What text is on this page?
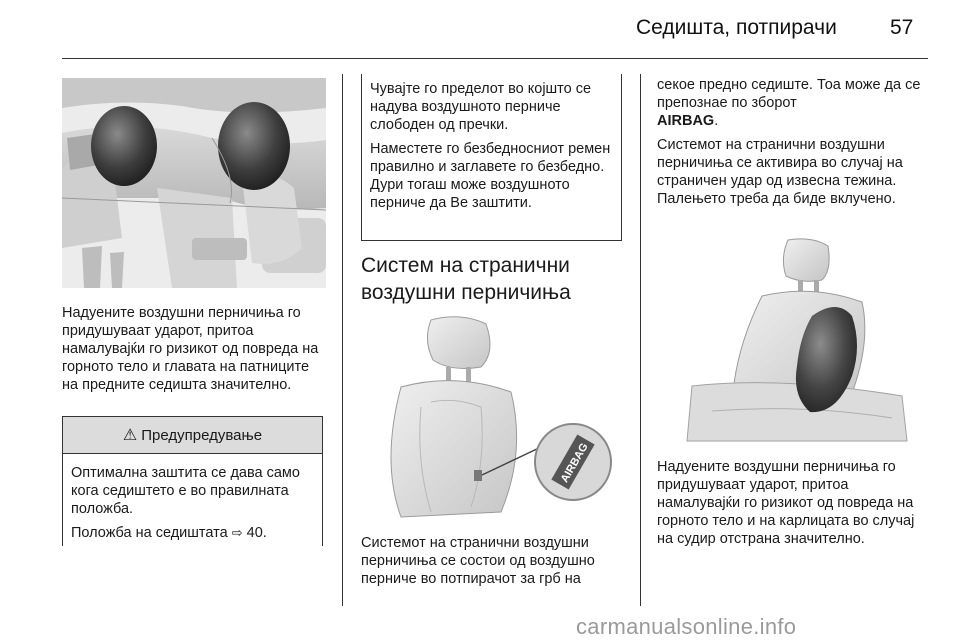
Седишта, потпирачи	57

Надуените воздушни перничиња го придушуваат ударот, притоа намалувајќи го ризикот од повреда на горното тело и главата на патниците на предните седишта значително.

⚠ Предупредување

Оптимална заштита се дава само кога седиштето е во правилната положба.

Положба на седиштата ⇨ 40.

Чувајте го пределот во којшто се надува воздушното перниче слободен од пречки.

Наместете го безбедносниот ремен правилно и заглавете го безбедно. Дури тогаш може воздушното перниче да Ве заштити.

Систем на странични
воздушни перничиња
AIRBAG

Системот на странични воздушни перничиња се состои од воздушно перниче во потпирачот за грб на

секое предно седиште. Тоа може да се препознае по зборот
AIRBAG.

Системот на странични воздушни перничиња се активира во случај на страничен удар од извесна тежина. Палењето треба да биде вклучено.

Надуените воздушни перничиња го придушуваат ударот, притоа намалувајќи го ризикот од повреда на горното тело и на карлицата во случај на судир отстрана значително.

carmanualsonline.info
